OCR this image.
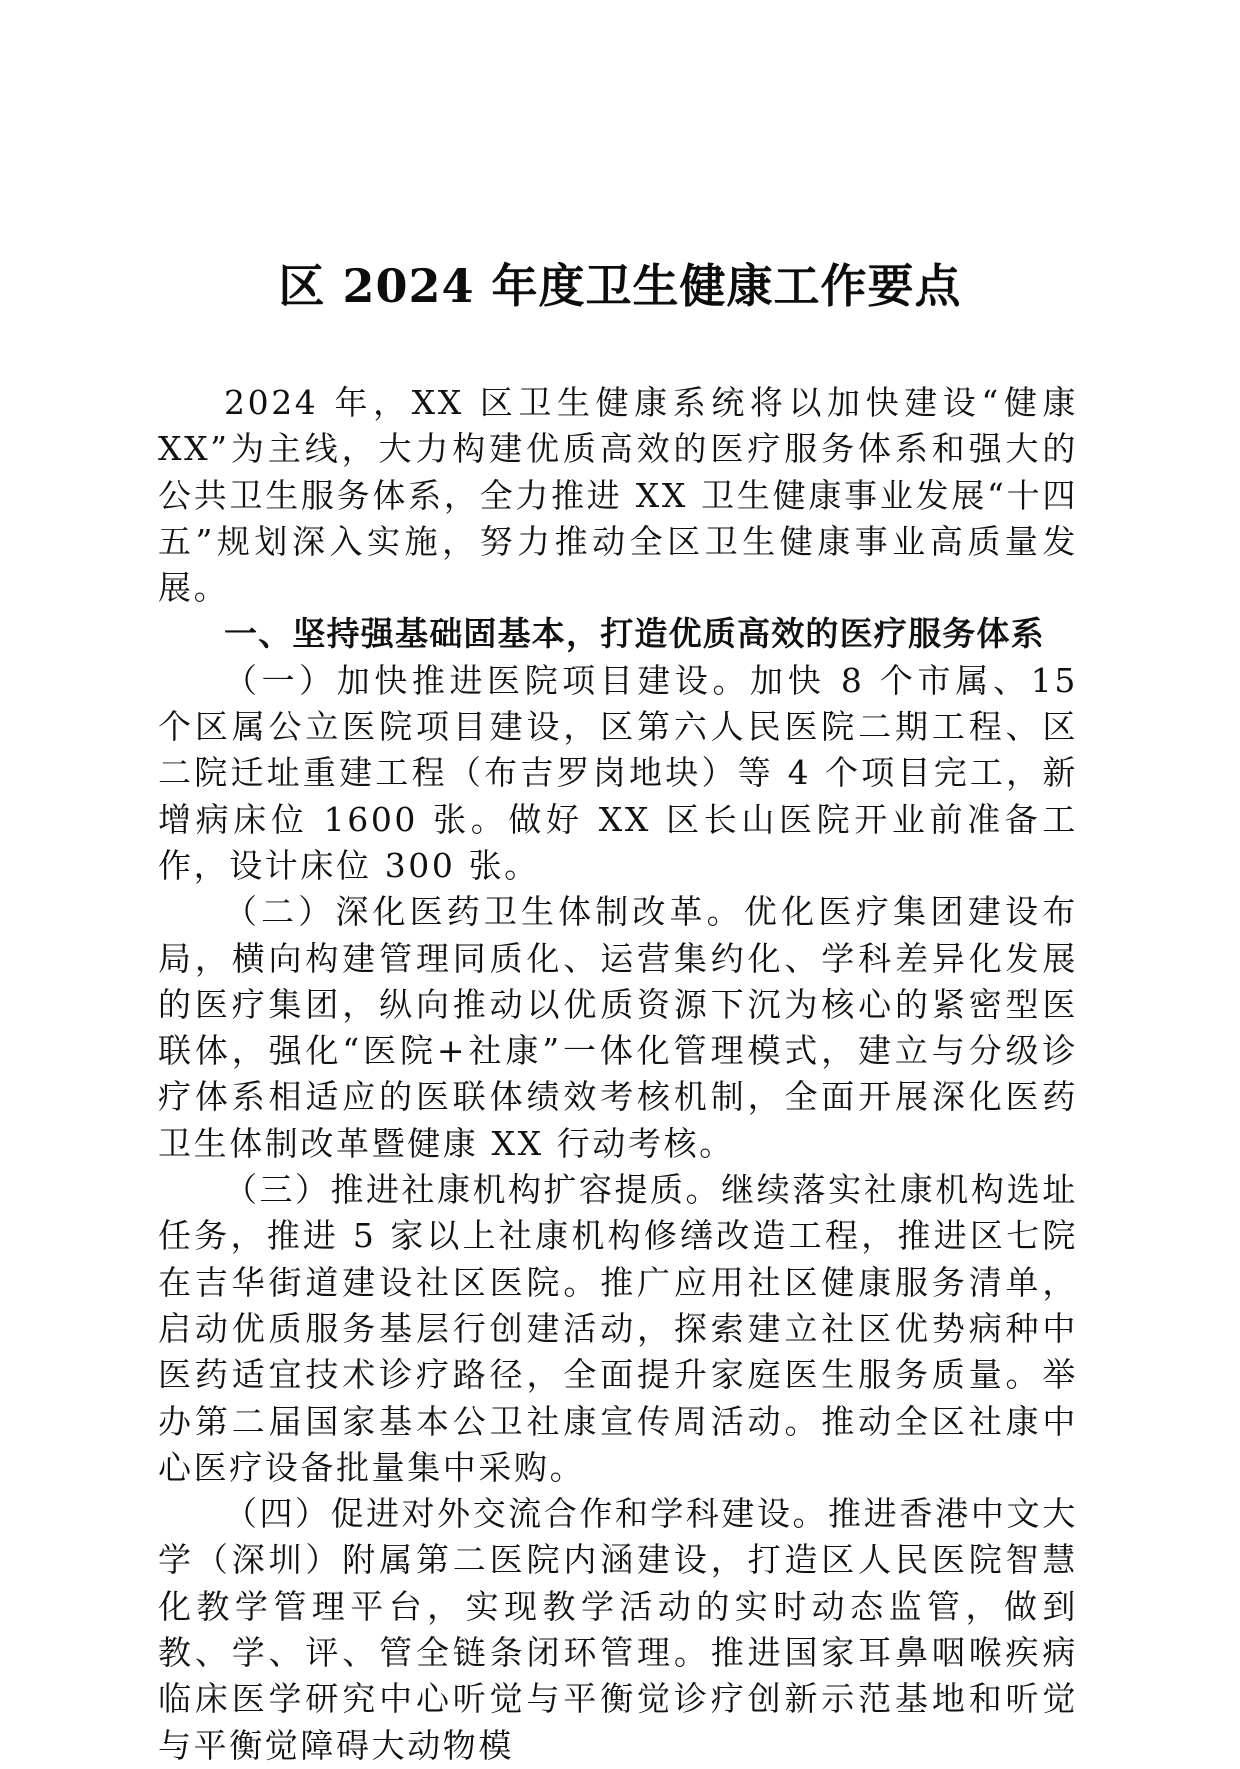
区 2024 年度卫生健康工作要点

2024 年，XX 区卫生健康系统将以加快建设“健康 XX”为主线，大力构建优质高效的医疗服务体系和强大的公共卫生服务体系，全力推进 XX 卫生健康事业发展“十四五”规划深入实施，努力推动全区卫生健康事业高质量发展。

一、坚持强基础固基本，打造优质高效的医疗服务体系

（一）加快推进医院项目建设。加快 8 个市属、15 个区属公立医院项目建设，区第六人民医院二期工程、区二院迁址重建工程（布吉罗岗地块）等 4 个项目完工，新增病床位 1600 张。做好 XX 区长山医院开业前准备工作，设计床位 300 张。

（二）深化医药卫生体制改革。优化医疗集团建设布局，横向构建管理同质化、运营集约化、学科差异化发展的医疗集团，纵向推动以优质资源下沉为核心的紧密型医联体，强化“医院+社康”一体化管理模式，建立与分级诊疗体系相适应的医联体绩效考核机制，全面开展深化医药卫生体制改革暨健康 XX 行动考核。

（三）推进社康机构扩容提质。继续落实社康机构选址任务，推进 5 家以上社康机构修缮改造工程，推进区七院在吉华街道建设社区医院。推广应用社区健康服务清单，启动优质服务基层行创建活动，探索建立社区优势病种中医药适宜技术诊疗路径，全面提升家庭医生服务质量。举办第二届国家基本公卫社康宣传周活动。推动全区社康中心医疗设备批量集中采购。

（四）促进对外交流合作和学科建设。推进香港中文大学（深圳）附属第二医院内涵建设，打造区人民医院智慧化教学管理平台，实现教学活动的实时动态监管，做到教、学、评、管全链条闭环管理。推进国家耳鼻咽喉疾病临床医学研究中心听觉与平衡觉诊疗创新示范基地和听觉与平衡觉障碍大动物模
